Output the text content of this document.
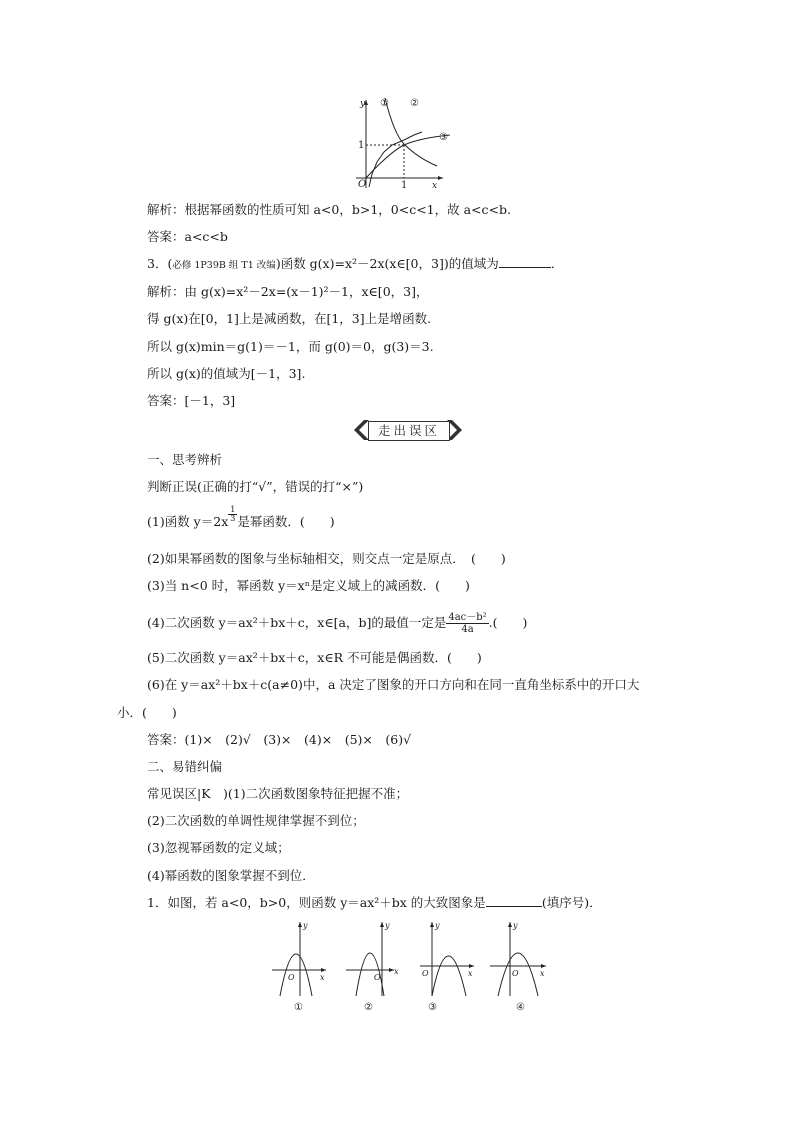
y
x
① ②
③
1
O	1
解析：根据幂函数的性质可知 a<0，b>1，0<c<1，故 a<c<b.
答案：a<c<b
3．(必修 1P39B 组 T1 改编)函数 g(x)=x²－2x(x∈[0，3])的值域为	．
解析：由 g(x)=x²－2x=(x－1)²－1，x∈[0，3]，
得 g(x)在[0，1]上是减函数，在[1，3]上是增函数.
所以 g(x)min＝g(1)＝－1，而 g(0)＝0，g(3)＝3.
所以 g(x)的值域为[－1，3].
答案：[－1，3]
走出误区
一、思考辨析
判断正误(正确的打“√”，错误的打“×”)
(1)函数 $y=2x \frac{1}{3}$ 是幂函数．(　　)
(2)如果幂函数的图象与坐标轴相交，则交点一定是原点．　(　　)
(3)当 n<0 时，幂函数 y＝xⁿ是定义域上的减函数．(　　)
(4)二次函数 y＝ax²＋bx＋c，x∈[a，b]的最值一定是 $\frac{\text{4ac－b²}}{4a}$ .(　　)
(5)二次函数 y＝ax²＋bx＋c，x∈R 不可能是偶函数．(　　)
(6)在 y＝ax²＋bx＋c(a≠0)中，a 决定了图象的开口方向和在同一直角坐标系中的开口大
小．(　　)
答案：(1)×　(2)√　(3)×　(4)×　(5)×　(6)√
二、易错纠偏
常见误区|K　)(1)二次函数图象特征把握不准；
(2)二次函数的单调性规律掌握不到位；
(3)忽视幂函数的定义域；
(4)幂函数的图象掌握不到位．
1．如图，若 a<0，b>0，则函数 y＝ax²＋bx 的大致图象是	(填序号)．
y
x
O
①
y
x
O
②
y
x
O
③
y
x
O
④
